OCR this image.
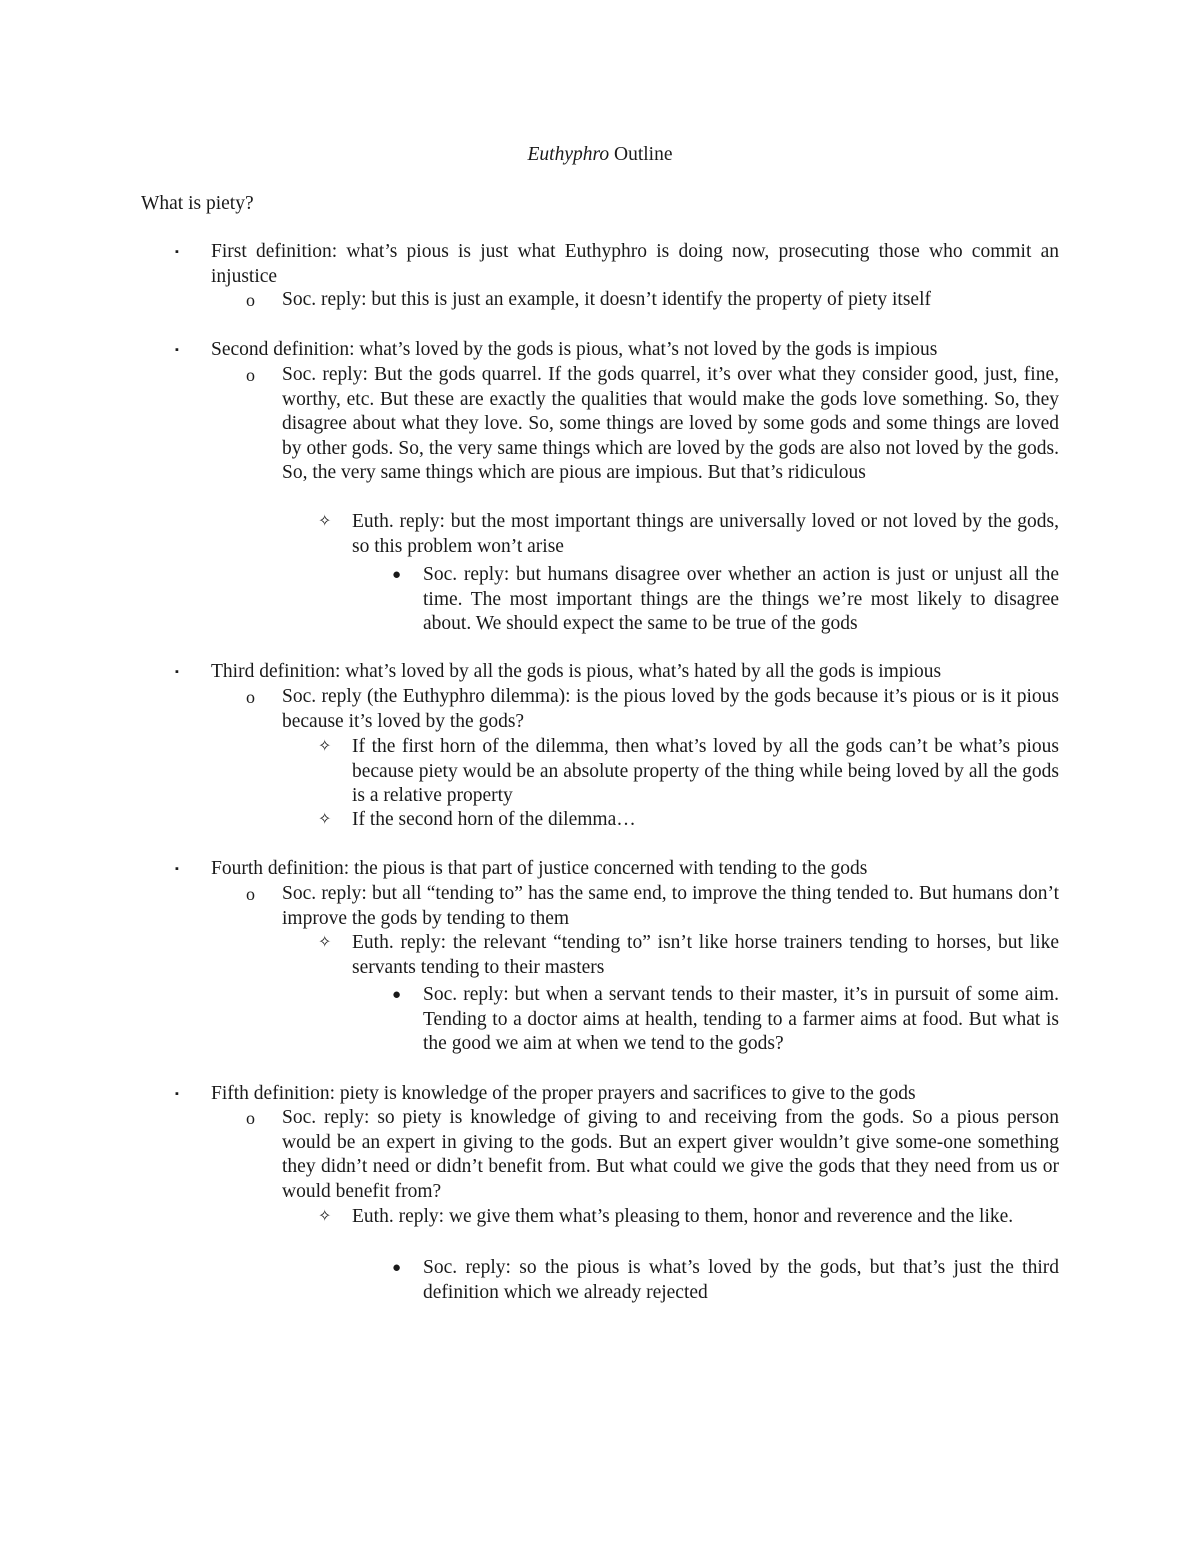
Euthyphro Outline
What is piety?
▪ First definition: what’s pious is just what Euthyphro is doing now, prosecuting those who commit an injustice
o Soc. reply: but this is just an example, it doesn’t identify the property of piety itself
▪ Second definition: what’s loved by the gods is pious, what’s not loved by the gods is impious
o Soc. reply: But the gods quarrel. If the gods quarrel, it’s over what they consider good, just, fine, worthy, etc. But these are exactly the qualities that would make the gods love something. So, they disagree about what they love. So, some things are loved by some gods and some things are loved by other gods. So, the very same things which are loved by the gods are also not loved by the gods. So, the very same things which are pious are impious. But that’s ridiculous
✧ Euth. reply: but the most important things are universally loved or not loved by the gods, so this problem won’t arise
● Soc. reply: but humans disagree over whether an action is just or unjust all the time. The most important things are the things we’re most likely to disagree about. We should expect the same to be true of the gods
▪ Third definition: what’s loved by all the gods is pious, what’s hated by all the gods is impious
o Soc. reply (the Euthyphro dilemma): is the pious loved by the gods because it’s pious or is it pious because it’s loved by the gods?
✧ If the first horn of the dilemma, then what’s loved by all the gods can’t be what’s pious because piety would be an absolute property of the thing while being loved by all the gods is a relative property
✧ If the second horn of the dilemma…
▪ Fourth definition: the pious is that part of justice concerned with tending to the gods
o Soc. reply: but all “tending to” has the same end, to improve the thing tended to. But humans don’t improve the gods by tending to them
✧ Euth. reply: the relevant “tending to” isn’t like horse trainers tending to horses, but like servants tending to their masters
● Soc. reply: but when a servant tends to their master, it’s in pursuit of some aim. Tending to a doctor aims at health, tending to a farmer aims at food. But what is the good we aim at when we tend to the gods?
▪ Fifth definition: piety is knowledge of the proper prayers and sacrifices to give to the gods
o Soc. reply: so piety is knowledge of giving to and receiving from the gods. So a pious person would be an expert in giving to the gods. But an expert giver wouldn’t give some-one something they didn’t need or didn’t benefit from. But what could we give the gods that they need from us or would benefit from?
✧ Euth. reply: we give them what’s pleasing to them, honor and reverence and the like.
● Soc. reply: so the pious is what’s loved by the gods, but that’s just the third definition which we already rejected
